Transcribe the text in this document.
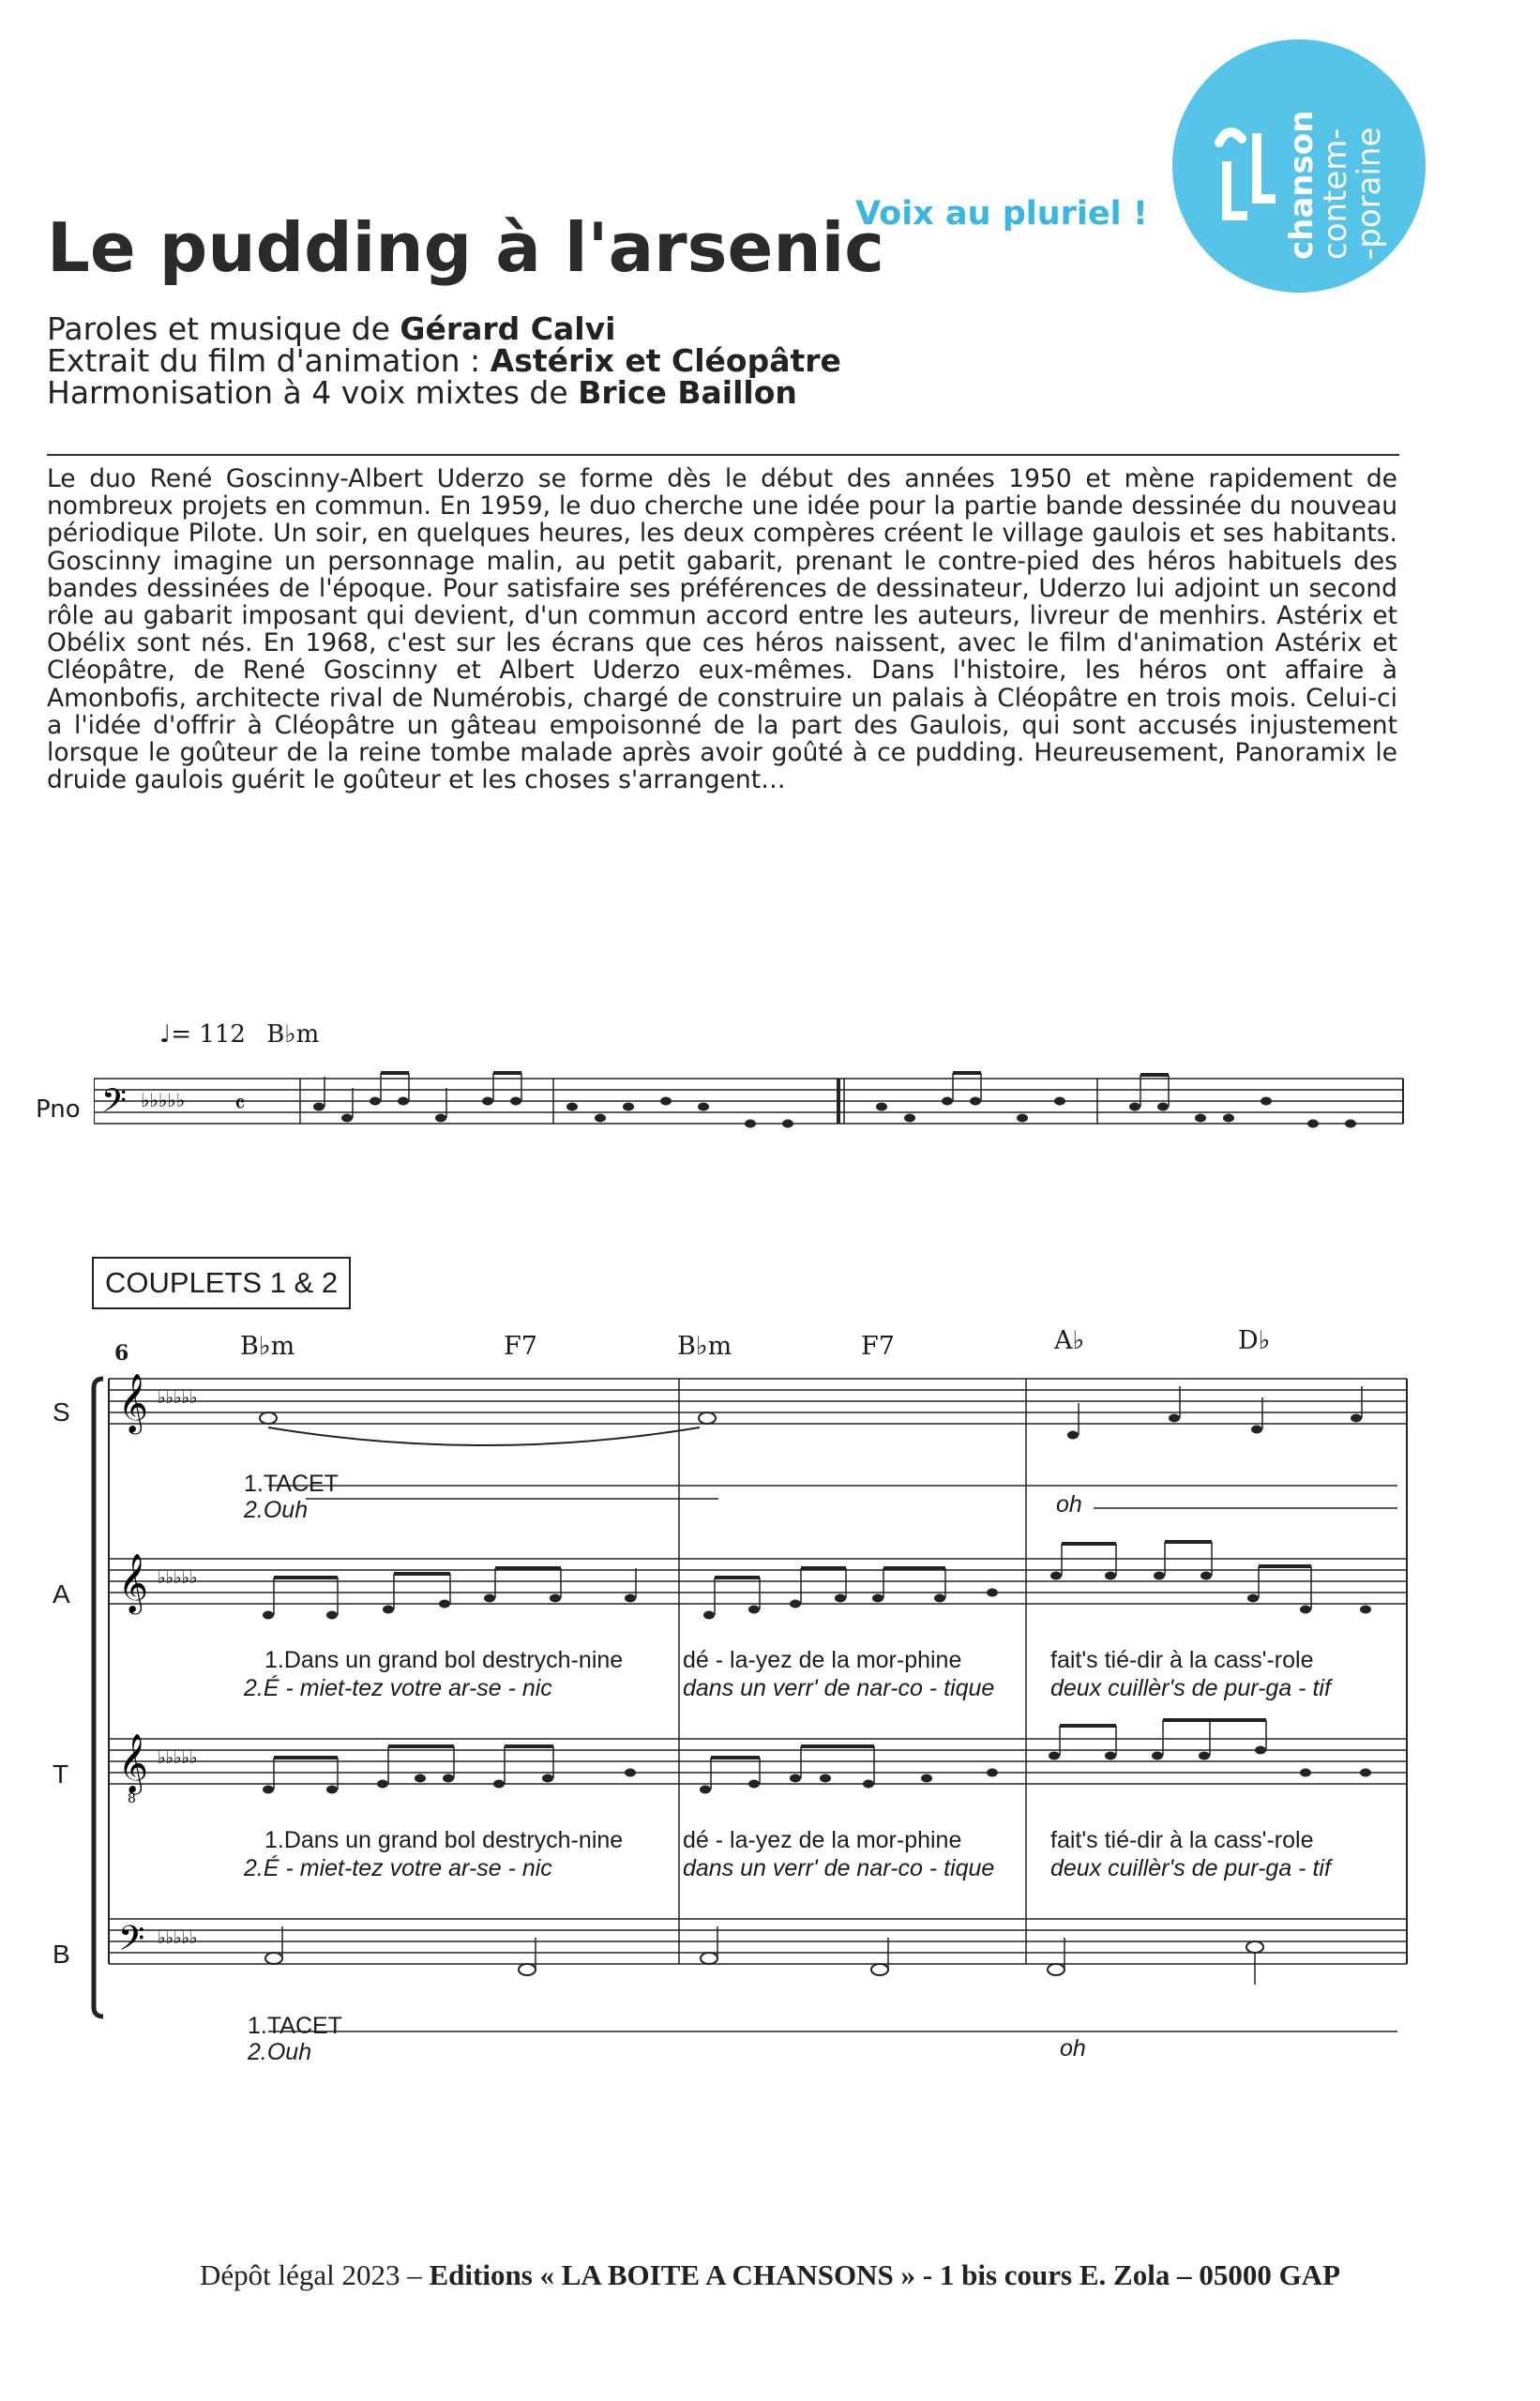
Le pudding à l'arsenic
Voix au pluriel !	chanson
contem-
-poraine
Paroles et musique de Gérard Calvi
Extrait du film d'animation : Astérix et Cléopâtre
Harmonisation à 4 voix mixtes de Brice Baillon

Le duo René Goscinny-Albert Uderzo se forme dès le début des années 1950 et mène rapidement de nombreux projets en commun. En 1959, le duo cherche une idée pour la partie bande dessinée du nouveau périodique Pilote. Un soir, en quelques heures, les deux compères créent le village gaulois et ses habitants. Goscinny imagine un personnage malin, au petit gabarit, prenant le contre-pied des héros habituels des bandes dessinées de l'époque. Pour satisfaire ses préférences de dessinateur, Uderzo lui adjoint un second rôle au gabarit imposant qui devient, d'un commun accord entre les auteurs, livreur de menhirs. Astérix et Obélix sont nés. En 1968, c'est sur les écrans que ces héros naissent, avec le film d'animation Astérix et Cléopâtre, de René Goscinny et Albert Uderzo eux-mêmes. Dans l'histoire, les héros ont affaire à Amonbofis, architecte rival de Numérobis, chargé de construire un palais à Cléopâtre en trois mois. Celui-ci a l'idée d'offrir à Cléopâtre un gâteau empoisonné de la part des Gaulois, qui sont accusés injustement lorsque le goûteur de la reine tombe malade après avoir goûté à ce pudding. Heureusement, Panoramix le druide gaulois guérit le goûteur et les choses s'arrangent…

♩= 112 B♭m
Pno 𝄢 ♭♭♭♭♭ 𝄴
COUPLETS 1 & 2
6	B♭m	F7	B♭m	F7	A♭	D♭
S
A
T
B
𝄞
𝄞
𝄞
8
𝄢
♭♭♭♭♭
♭♭♭♭♭
♭♭♭♭♭
♭♭♭♭♭
1.TACET
2.Ouh	oh
1.Dans un grand bol destrych-nine	dé - la-yez de la mor-phine	fait's tié-dir à la cass'-role
2.É - miet-tez votre ar-se - nic	dans un verr' de nar-co - tique deux cuillèr's de pur-ga - tif
1.Dans un grand bol destrych-nine	dé - la-yez de la mor-phine	fait's tié-dir à la cass'-role
2.É - miet-tez votre ar-se - nic	dans un verr' de nar-co - tique deux cuillèr's de pur-ga - tif
1.TACET
2.Ouh	oh
Dépôt légal 2023 – Editions « LA BOITE A CHANSONS » - 1 bis cours E. Zola – 05000 GAP
